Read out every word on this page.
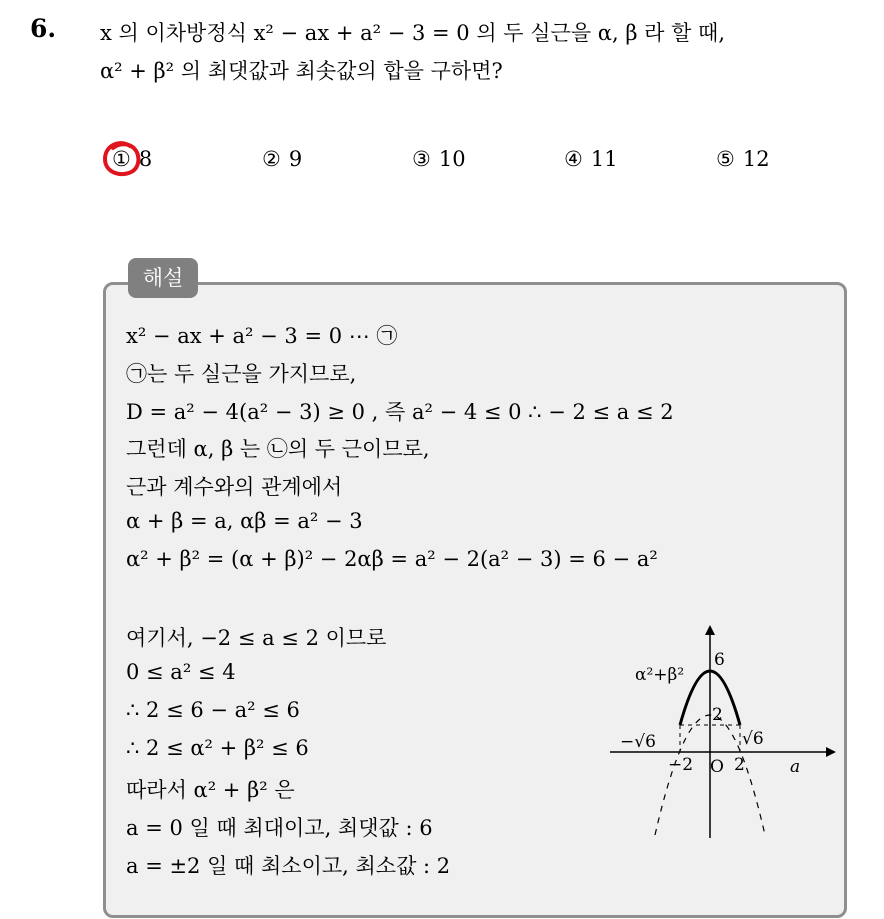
6. x 의 이차방정식 x² − ax + a² − 3 = 0 의 두 실근을 α, β 라 할 때,
α² + β² 의 최댓값과 최솟값의 합을 구하면?
① 8	② 9	③ 10	④ 11	⑤ 12
해설
x² − ax + a² − 3 = 0 ⋯ ㉠
㉠는 두 실근을 가지므로,
D = a² − 4(a² − 3) ≥ 0 , 즉 a² − 4 ≤ 0 ∴ − 2 ≤ a ≤ 2
그런데 α, β 는 ㉡의 두 근이므로,
근과 계수와의 관계에서
α + β = a, αβ = a² − 3
α² + β² = (α + β)² − 2αβ = a² − 2(a² − 3) = 6 − a²
여기서, −2 ≤ a ≤ 2 이므로
0 ≤ a² ≤ 4
∴ 2 ≤ 6 − a² ≤ 6
∴ 2 ≤ α² + β² ≤ 6
따라서 α² + β² 은
a = 0 일 때 최대이고, 최댓값 : 6
a = ±2 일 때 최소이고, 최소값 : 2
α²+β²
6
2
−√6	√6
−2 O 2	a
